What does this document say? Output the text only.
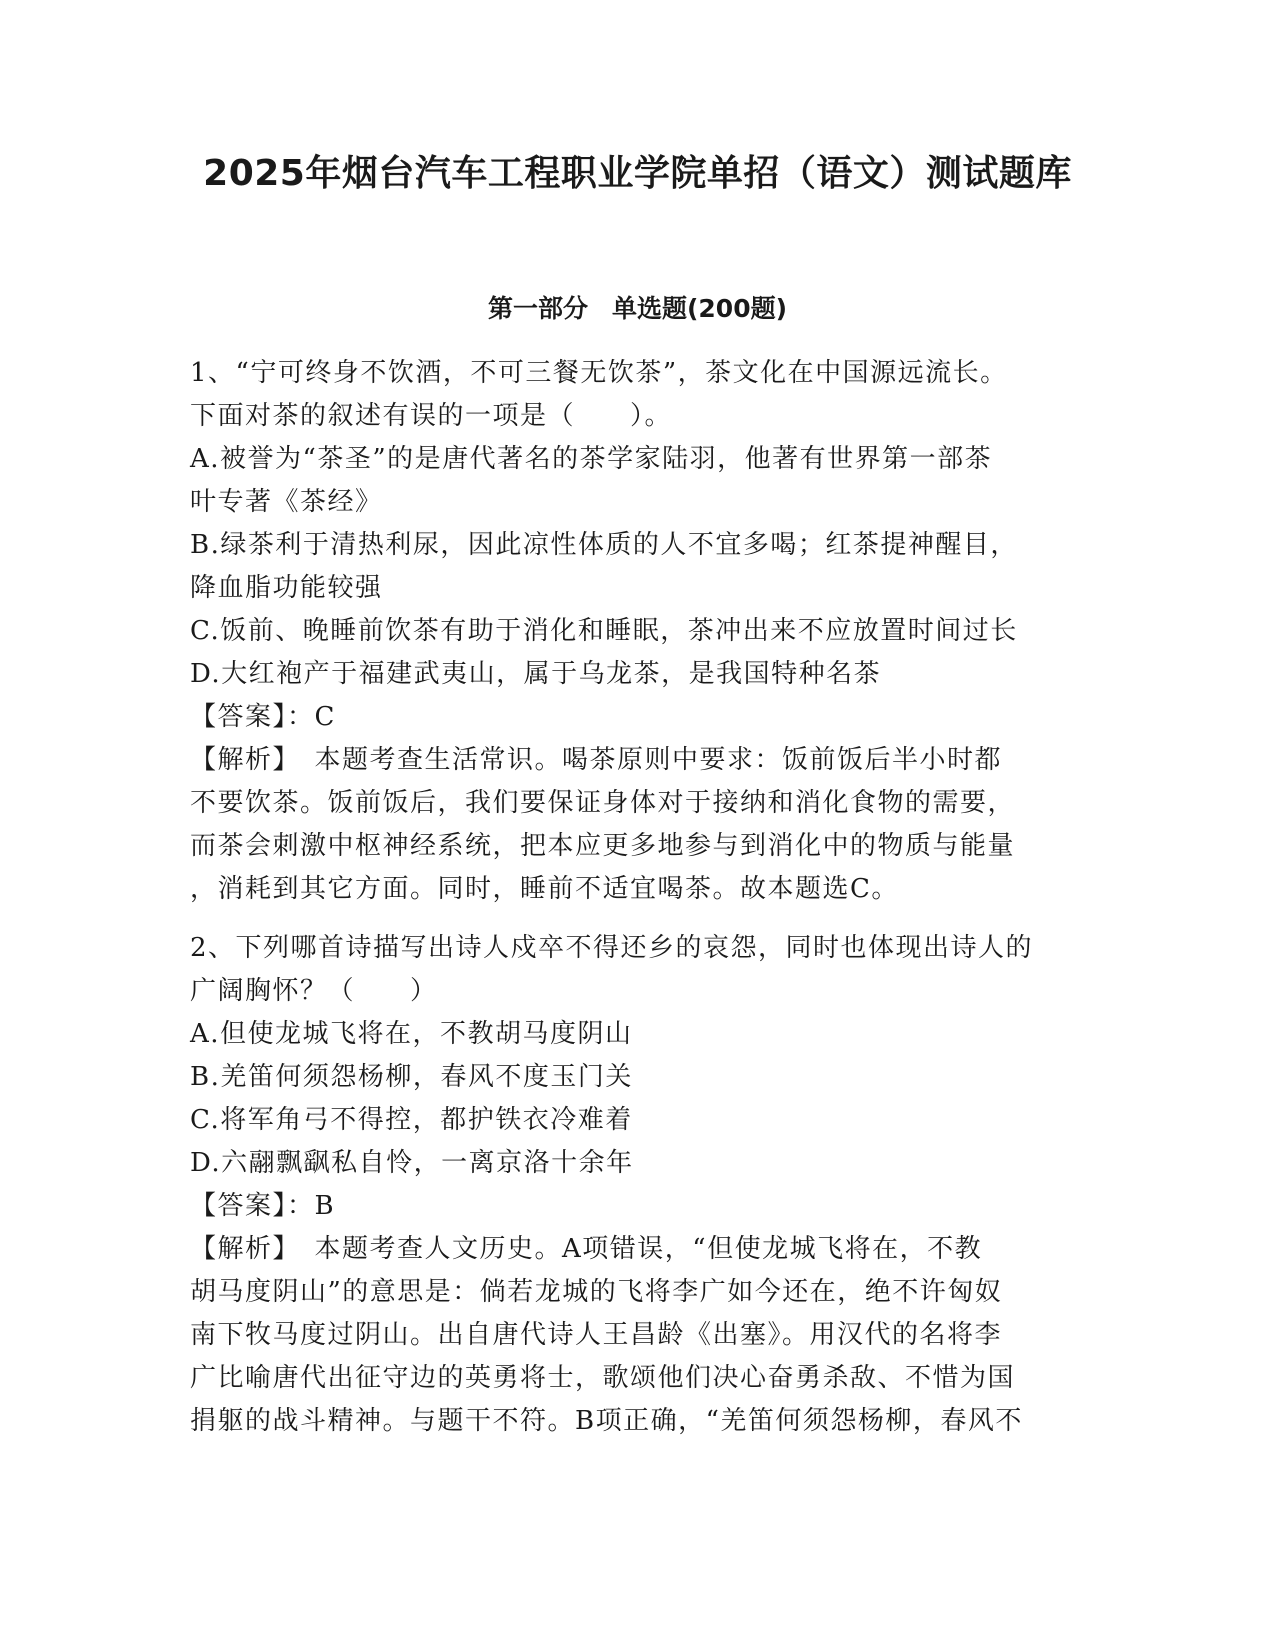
2025年烟台汽车工程职业学院单招（语文）测试题库
第一部分 单选题(200题)

1、“宁可终身不饮酒，不可三餐无饮茶”，茶文化在中国源远流长。

下面对茶的叙述有误的一项是（　　）。

A.被誉为“茶圣”的是唐代著名的茶学家陆羽，他著有世界第一部茶

叶专著《茶经》

B.绿茶利于清热利尿，因此凉性体质的人不宜多喝；红茶提神醒目，

降血脂功能较强

C.饭前、晚睡前饮茶有助于消化和睡眠，茶冲出来不应放置时间过长

D.大红袍产于福建武夷山，属于乌龙茶，是我国特种名茶

【答案】：C

【解析】　本题考查生活常识。喝茶原则中要求：饭前饭后半小时都

不要饮茶。饭前饭后，我们要保证身体对于接纳和消化食物的需要，

而茶会刺激中枢神经系统，把本应更多地参与到消化中的物质与能量

，消耗到其它方面。同时，睡前不适宜喝茶。故本题选C。

2、下列哪首诗描写出诗人戍卒不得还乡的哀怨，同时也体现出诗人的

广阔胸怀？（　　）

A.但使龙城飞将在，不教胡马度阴山

B.羌笛何须怨杨柳，春风不度玉门关

C.将军角弓不得控，都护铁衣冷难着

D.六翮飘飖私自怜，一离京洛十余年

【答案】：B

【解析】　本题考查人文历史。A项错误，“但使龙城飞将在，不教

胡马度阴山”的意思是：倘若龙城的飞将李广如今还在，绝不许匈奴

南下牧马度过阴山。出自唐代诗人王昌龄《出塞》。用汉代的名将李

广比喻唐代出征守边的英勇将士，歌颂他们决心奋勇杀敌、不惜为国

捐躯的战斗精神。与题干不符。B项正确，“羌笛何须怨杨柳，春风不
